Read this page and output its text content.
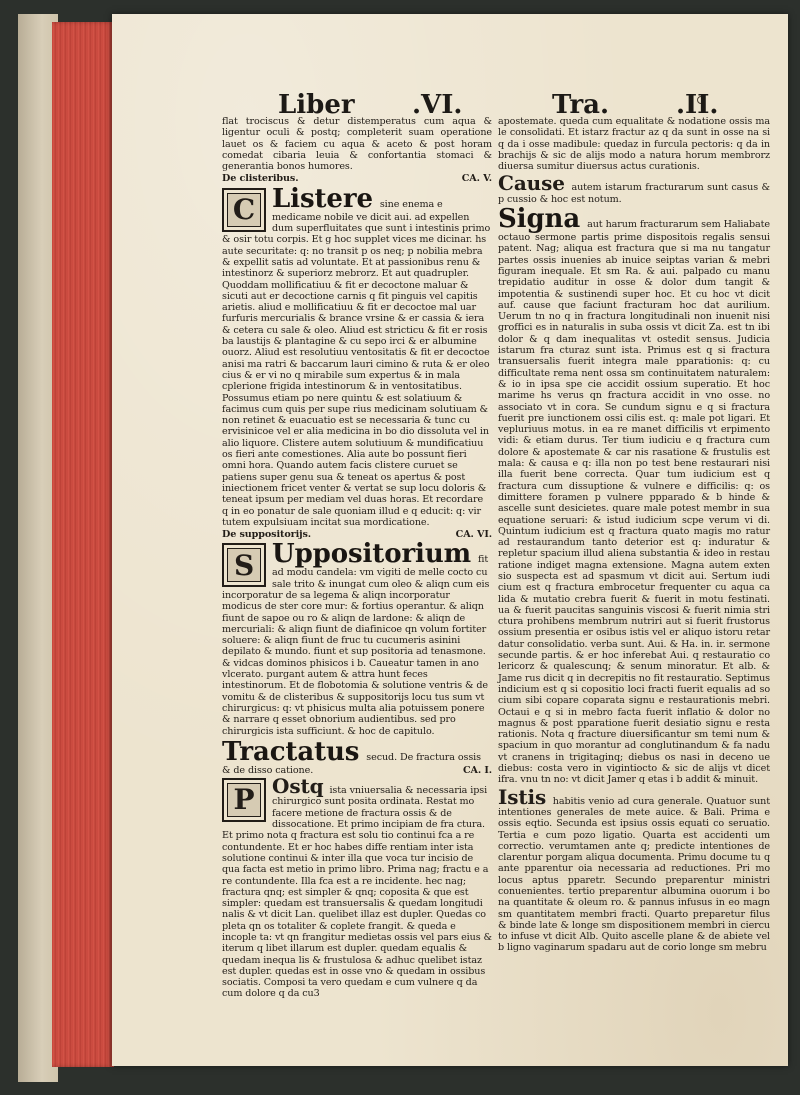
Liber .VI.	Tra.	.II.

flat trociscus & detur distemperatus cum aqua & ligentur oculi & postq; completerit suam operatione lauet os & faciem cu aqua & aceto & post horam comedat cibaria leuia & confortantia stomaci & generantia bonos humores.

De clisteribus.	CA. V.
C Listere sine enema e medicame nobile ve dicit aui. ad expellen dum superfluitates que sunt i intestinis primo & osir totu corpis. Et g hoc supplet vices me dicinar. hs aute securitate: q: no transit p os neq; p nobilia mebra & expellit satis ad voluntate. Et at passionibus renu & intestinorz & superiorz mebrorz. Et aut quadrupler. Quoddam mollificatiuu & fit er decoctone maluar & sicuti aut er decoctione carnis q fit pinguis vel capitis arietis. aliud e mollificatiuu & fit er decoctoe mal uar furfuris mercurialis & brance vrsine & er cassia & iera & cetera cu sale & oleo. Aliud est stricticu & fit er rosis ba laustijs & plantagine & cu sepo irci & er albumine ouorz. Aliud est resolutiuu ventositatis & fit er decoctoe anisi ma ratri & baccarum lauri cimino & ruta & er oleo cius & er vi no q mirabile sum expertus & in mala cplerione frigida intestinorum & in ventositatibus. Possumus etiam po nere quintu & est solatiuum & facimus cum quis per supe rius medicinam solutiuam & non retinet & euacuatio est se necessaria & tunc cu ervisinicoe vel er alia medicina in bo dio dissoluta vel in alio liquore. Clistere autem solutiuum & mundificatiuu os fieri ante comestiones. Alia aute bo possunt fieri omni hora. Quando autem facis clistere curuet se patiens super genu sua & teneat os apertus & post iniectionem fricet venter & vertat se sup locu doloris & teneat ipsum per mediam vel duas horas. Et recordare q in eo ponatur de sale quoniam illud e q educit: q: vir tutem expulsiuam incitat sua mordicatione.
De suppositorijs.	CA. VI.
S Uppositorium fit ad modu candela: vm vigiti de melle cocto cu sale trito & inungat cum oleo & aliqn cum eis incorporatur de sa legema & aliqn incorporatur modicus de ster core mur: & fortius operantur. & aliqn fiunt de sapoe ou ro & aliqn de lardone: & aliqn de mercuriali: & aliqn fiunt de diafinicoe qn volum fortiter soluere: & aliqn fiunt de fruc tu cucumeris asinini depilato & mundo. fiunt et sup positoria ad tenasmone. & vidcas dominos phisicos i b. Caueatur tamen in ano vlcerato. purgant autem & attra hunt feces intestinorum. Et de flobotomia & solutione ventris & de vomitu & de clisteribus & suppositorijs locu tus sum vt chirurgicus: q: vt phisicus multa alia potuissem ponere & narrare q esset obnorium audientibus. sed pro chirurgicis ista sufficiunt. & hoc de capitulo.
Tractatus secud. De fractura ossis & de disso catione.	CA. I.
P Ostq ista vniuersalia & necessaria ipsi chirurgico sunt posita ordinata. Restat mo facere metione de fractura ossis & de dissocatione. Et primo incipiam de fra ctura. Et primo nota q fractura est solu tio continui fca a re contundente. Et er hoc habes diffe rentiam inter ista solutione continui & inter illa que voca tur incisio de qua facta est metio in primo libro. Prima nag; fractu e a re contundente. Illa fca est a re incidente. hec nag; fractura qnq; est simpler & qnq; coposita & que est simpler: quedam est transuersalis & quedam longitudi nalis & vt dicit Lan. quelibet illaz est dupler. Quedas co pleta qn os totaliter & coplete frangit. & queda e incople ta: vt qn frangitur medietas ossis vel pars eius & iterum q libet illarum est dupler. quedam equalis & quedam inequa lis & frustulosa & adhuc quelibet istaz est dupler. quedas est in osse vno & quedam in ossibus sociatis. Composi ta vero quedam e cum vulnere q da cum dolore q da cu3

apostemate. queda cum equalitate & nodatione ossis ma le consolidati. Et istarz fractur az q da sunt in osse na si q da i osse madibule: quedaz in furcula pectoris: q da in brachijs & sic de alijs modo a natura horum membrorz diuersa sumitur diuersus actus curationis.

Cause autem istarum fracturarum sunt casus & p cussio & hoc est notum.

Signa aut harum fracturarum sem Haliabate octauo sermone partis prime dispositois regalis sensui patent. Nag; aliqua est fractura que si ma nu tangatur partes ossis inuenies ab inuice seiptas varian & mebri figuram inequale. Et sm Ra. & aui. palpado cu manu trepidatio auditur in osse & dolor dum tangit & impotentia & sustinendi super hoc. Et cu hoc vt dicit auf. cause que faciunt fracturam hoc dat aurilium. Uerum tn no q in fractura longitudinali non inuenit nisi groffici es in naturalis in suba ossis vt dicit Za. est tn ibi dolor & q dam inequalitas vt ostedit sensus. Judicia istarum fra cturaz sunt ista. Primus est q si fractura transuersalis fuerit integra male pparationis: q: cu difficultate rema nent ossa sm continuitatem naturalem: & io in ipsa spe cie accidit ossium superatio. Et hoc marime hs verus qn fractura accidit in vno osse. no associato vt in cora. Se cundum signu e q si fractura fuerit pre iunctionem ossi cilis est. q: male pot ligari. Et vepluriuus motus. in ea re manet difficilis vt erpimento vidi: & etiam durus. Ter tium iudiciu e q fractura cum dolore & apostemate & car nis rasatione & frustulis est mala: & causa e q: illa non po test bene restaurari nisi illa fuerit bene correcta. Quar tum iudicium est q fractura cum dissuptione & vulnere e difficilis: q: os dimittere foramen p vulnere ppparado & b hinde & ascelle sunt desicietes. quare male potest membr in sua equatione seruari: & istud iudicium scpe verum vi di. Quintum iudicium est q fractura quato magis mo ratur ad restaurandum tanto deterior est q: induratur & repletur spacium illud aliena substantia & ideo in restau ratione indiget magna extensione. Magna autem exten sio suspecta est ad spasmum vt dicit aui. Sertum iudi cium est q fractura embrocetur frequenter cu aqua ca lida & mutatio crebra fuerit & fuerit in motu festinati. ua & fuerit paucitas sanguinis viscosi & fuerit nimia stri ctura prohibens membrum nutriri aut si fuerit frustorus ossium presentia er osibus istis vel er aliquo istoru retar datur consolidatio. verba sunt. Aui. & Ha. in. ir. sermone secunde partis. & er hoc inferebat Aui. q restauratio co lericorz & qualescunq; & senum minoratur. Et alb. & Jame rus dicit q in decrepitis no fit restauratio. Septimus indicium est q si copositio loci fracti fuerit equalis ad so cium sibi copare coparata signu e restaurationis mebri. Octaui e q si in mebro facta fuerit inflatio & dolor no magnus & post pparatione fuerit desiatio signu e resta rationis. Nota q fracture diuersificantur sm temi num & spacium in quo morantur ad conglutinandum & fa nadu vt cranens in trigitaginq; diebus os nasi in deceno ue diebus: costa vero in vigintiocto & sic de alijs vt dicet ifra. vnu tn no: vt dicit Jamer q etas i b addit & minuit.

Istis habitis venio ad cura generale. Quatuor sunt intentiones generales de mete auice. & Bali. Prima e ossis eqtio. Secunda est ipsius ossis equati co seruatio. Tertia e cum pozo ligatio. Quarta est accidenti um correctio. verumtamen ante q; predicte intentiones de clarentur porgam aliqua documenta. Primu docume tu q ante pparentur oia necessaria ad reductiones. Pri mo locus aptus pparetr. Secundo preparentur ministri conuenientes. tertio preparentur albumina ouorum i bo na quantitate & oleum ro. & pannus infusus in eo magn sm quantitatem membri fracti. Quarto preparetur filus & binde late & longe sm dispositionem membri in ciercu to infuse vt dicit Alb. Quito ascelle plane & de abiete vel b ligno vaginarum spadaru aut de corio longe sm mebru
